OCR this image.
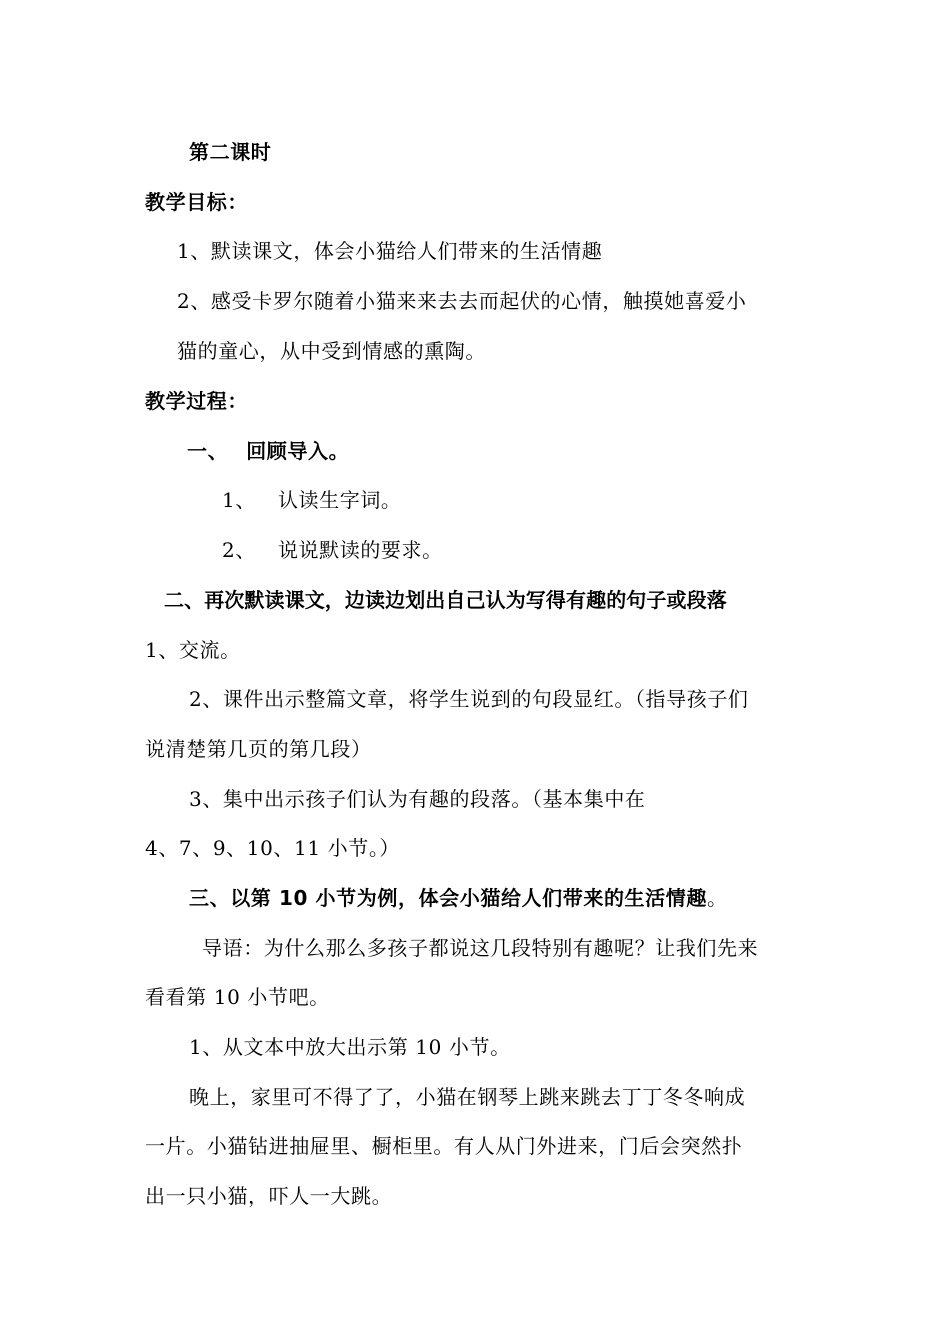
第二课时
教学目标：
1、默读课文，体会小猫给人们带来的生活情趣
2、感受卡罗尔随着小猫来来去去而起伏的心情，触摸她喜爱小
猫的童心，从中受到情感的熏陶。
教学过程：
一、 回顾导入。
1、 认读生字词。
2、 说说默读的要求。
二、再次默读课文，边读边划出自己认为写得有趣的句子或段落
1、交流。
2、课件出示整篇文章，将学生说到的句段显红。（指导孩子们
说清楚第几页的第几段）
3、集中出示孩子们认为有趣的段落。（基本集中在
4、7、9、10、11 小节。）
三、以第 10 小节为例，体会小猫给人们带来的生活情趣。
导语：为什么那么多孩子都说这几段特别有趣呢？让我们先来
看看第 10 小节吧。
1、从文本中放大出示第 10 小节。
晚上，家里可不得了了，小猫在钢琴上跳来跳去丁丁冬冬响成
一片。小猫钻进抽屉里、橱柜里。有人从门外进来，门后会突然扑
出一只小猫，吓人一大跳。
